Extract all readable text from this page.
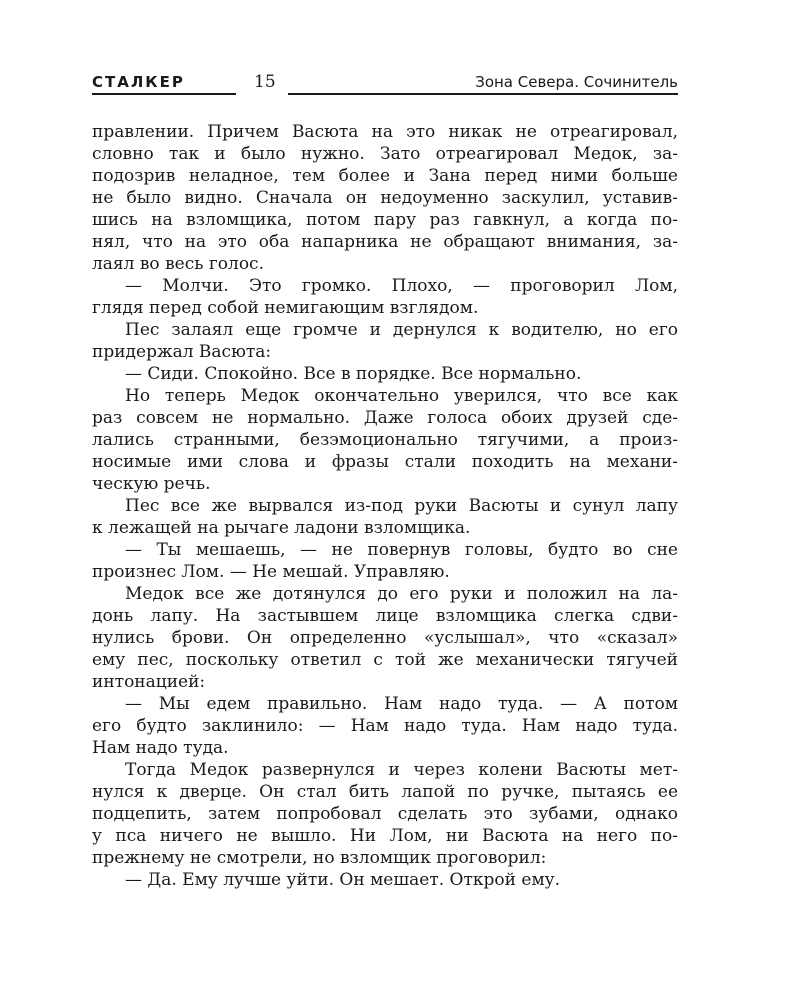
СТАЛКЕР	15	Зона Севера. Сочинитель
правлении. Причем Васюта на это никак не отреагировал,
словно так и было нужно. Зато отреагировал Медок, за-
подозрив неладное, тем более и Зана перед ними больше
не было видно. Сначала он недоуменно заскулил, уставив-
шись на взломщика, потом пару раз гавкнул, а когда по-
нял, что на это оба напарника не обращают внимания, за-
лаял во весь голос.
— Молчи. Это громко. Плохо, — проговорил Лом,
глядя перед собой немигающим взглядом.
Пес залаял еще громче и дернулся к водителю, но его
придержал Васюта:
— Сиди. Спокойно. Все в порядке. Все нормально.
Но теперь Медок окончательно уверился, что все как
раз совсем не нормально. Даже голоса обоих друзей сде-
лались странными, безэмоционально тягучими, а произ-
носимые ими слова и фразы стали походить на механи-
ческую речь.
Пес все же вырвался из-под руки Васюты и сунул лапу
к лежащей на рычаге ладони взломщика.
— Ты мешаешь, — не повернув головы, будто во сне
произнес Лом. — Не мешай. Управляю.
Медок все же дотянулся до его руки и положил на ла-
донь лапу. На застывшем лице взломщика слегка сдви-
нулись брови. Он определенно «услышал», что «сказал»
ему пес, поскольку ответил с той же механически тягучей
интонацией:
— Мы едем правильно. Нам надо туда. — А потом
его будто заклинило: — Нам надо туда. Нам надо туда.
Нам надо туда.
Тогда Медок развернулся и через колени Васюты мет-
нулся к дверце. Он стал бить лапой по ручке, пытаясь ее
подцепить, затем попробовал сделать это зубами, однако
у пса ничего не вышло. Ни Лом, ни Васюта на него по-
прежнему не смотрели, но взломщик проговорил:
— Да. Ему лучше уйти. Он мешает. Открой ему.
